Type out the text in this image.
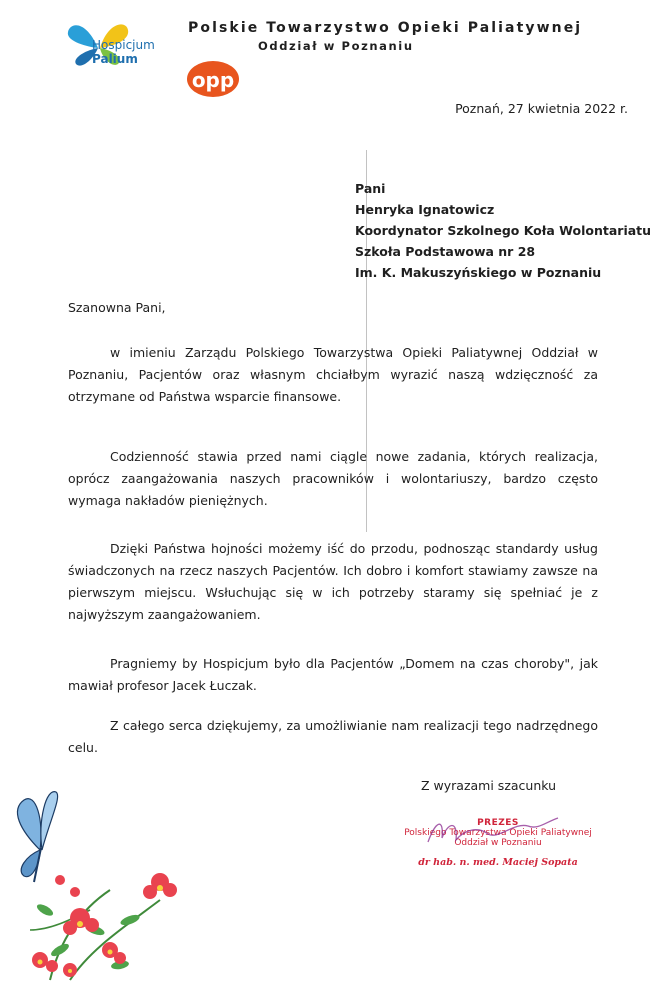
Hospicjum
Palium
Polskie Towarzystwo Opieki Paliatywnej
Oddział w Poznaniu
opp
Poznań, 27 kwietnia 2022 r.
Pani
Henryka Ignatowicz
Koordynator Szkolnego Koła Wolontariatu
Szkoła Podstawowa nr 28
Im. K. Makuszyńskiego w Poznaniu
Szanowna Pani,
w imieniu Zarządu Polskiego Towarzystwa Opieki Paliatywnej Oddział w Poznaniu, Pacjentów oraz własnym chciałbym wyrazić naszą wdzięczność za otrzymane od Państwa wsparcie finansowe.
Codzienność stawia przed nami ciągle nowe zadania, których realizacja, oprócz zaangażowania naszych pracowników i wolontariuszy, bardzo często wymaga nakładów pieniężnych.
Dzięki Państwa hojności możemy iść do przodu, podnosząc standardy usług świadczonych na rzecz naszych Pacjentów. Ich dobro i komfort stawiamy zawsze na pierwszym miejscu. Wsłuchując się w ich potrzeby staramy się spełniać je z najwyższym zaangażowaniem.
Pragniemy by Hospicjum było dla Pacjentów „Domem na czas choroby", jak mawiał profesor Jacek Łuczak.
Z całego serca dziękujemy, za umożliwianie nam realizacji tego nadrzędnego celu.
Z wyrazami szacunku
PREZES
Polskiego Towarzystwa Opieki Paliatywnej
Oddział w Poznaniu
dr hab. n. med. Maciej Sopata
